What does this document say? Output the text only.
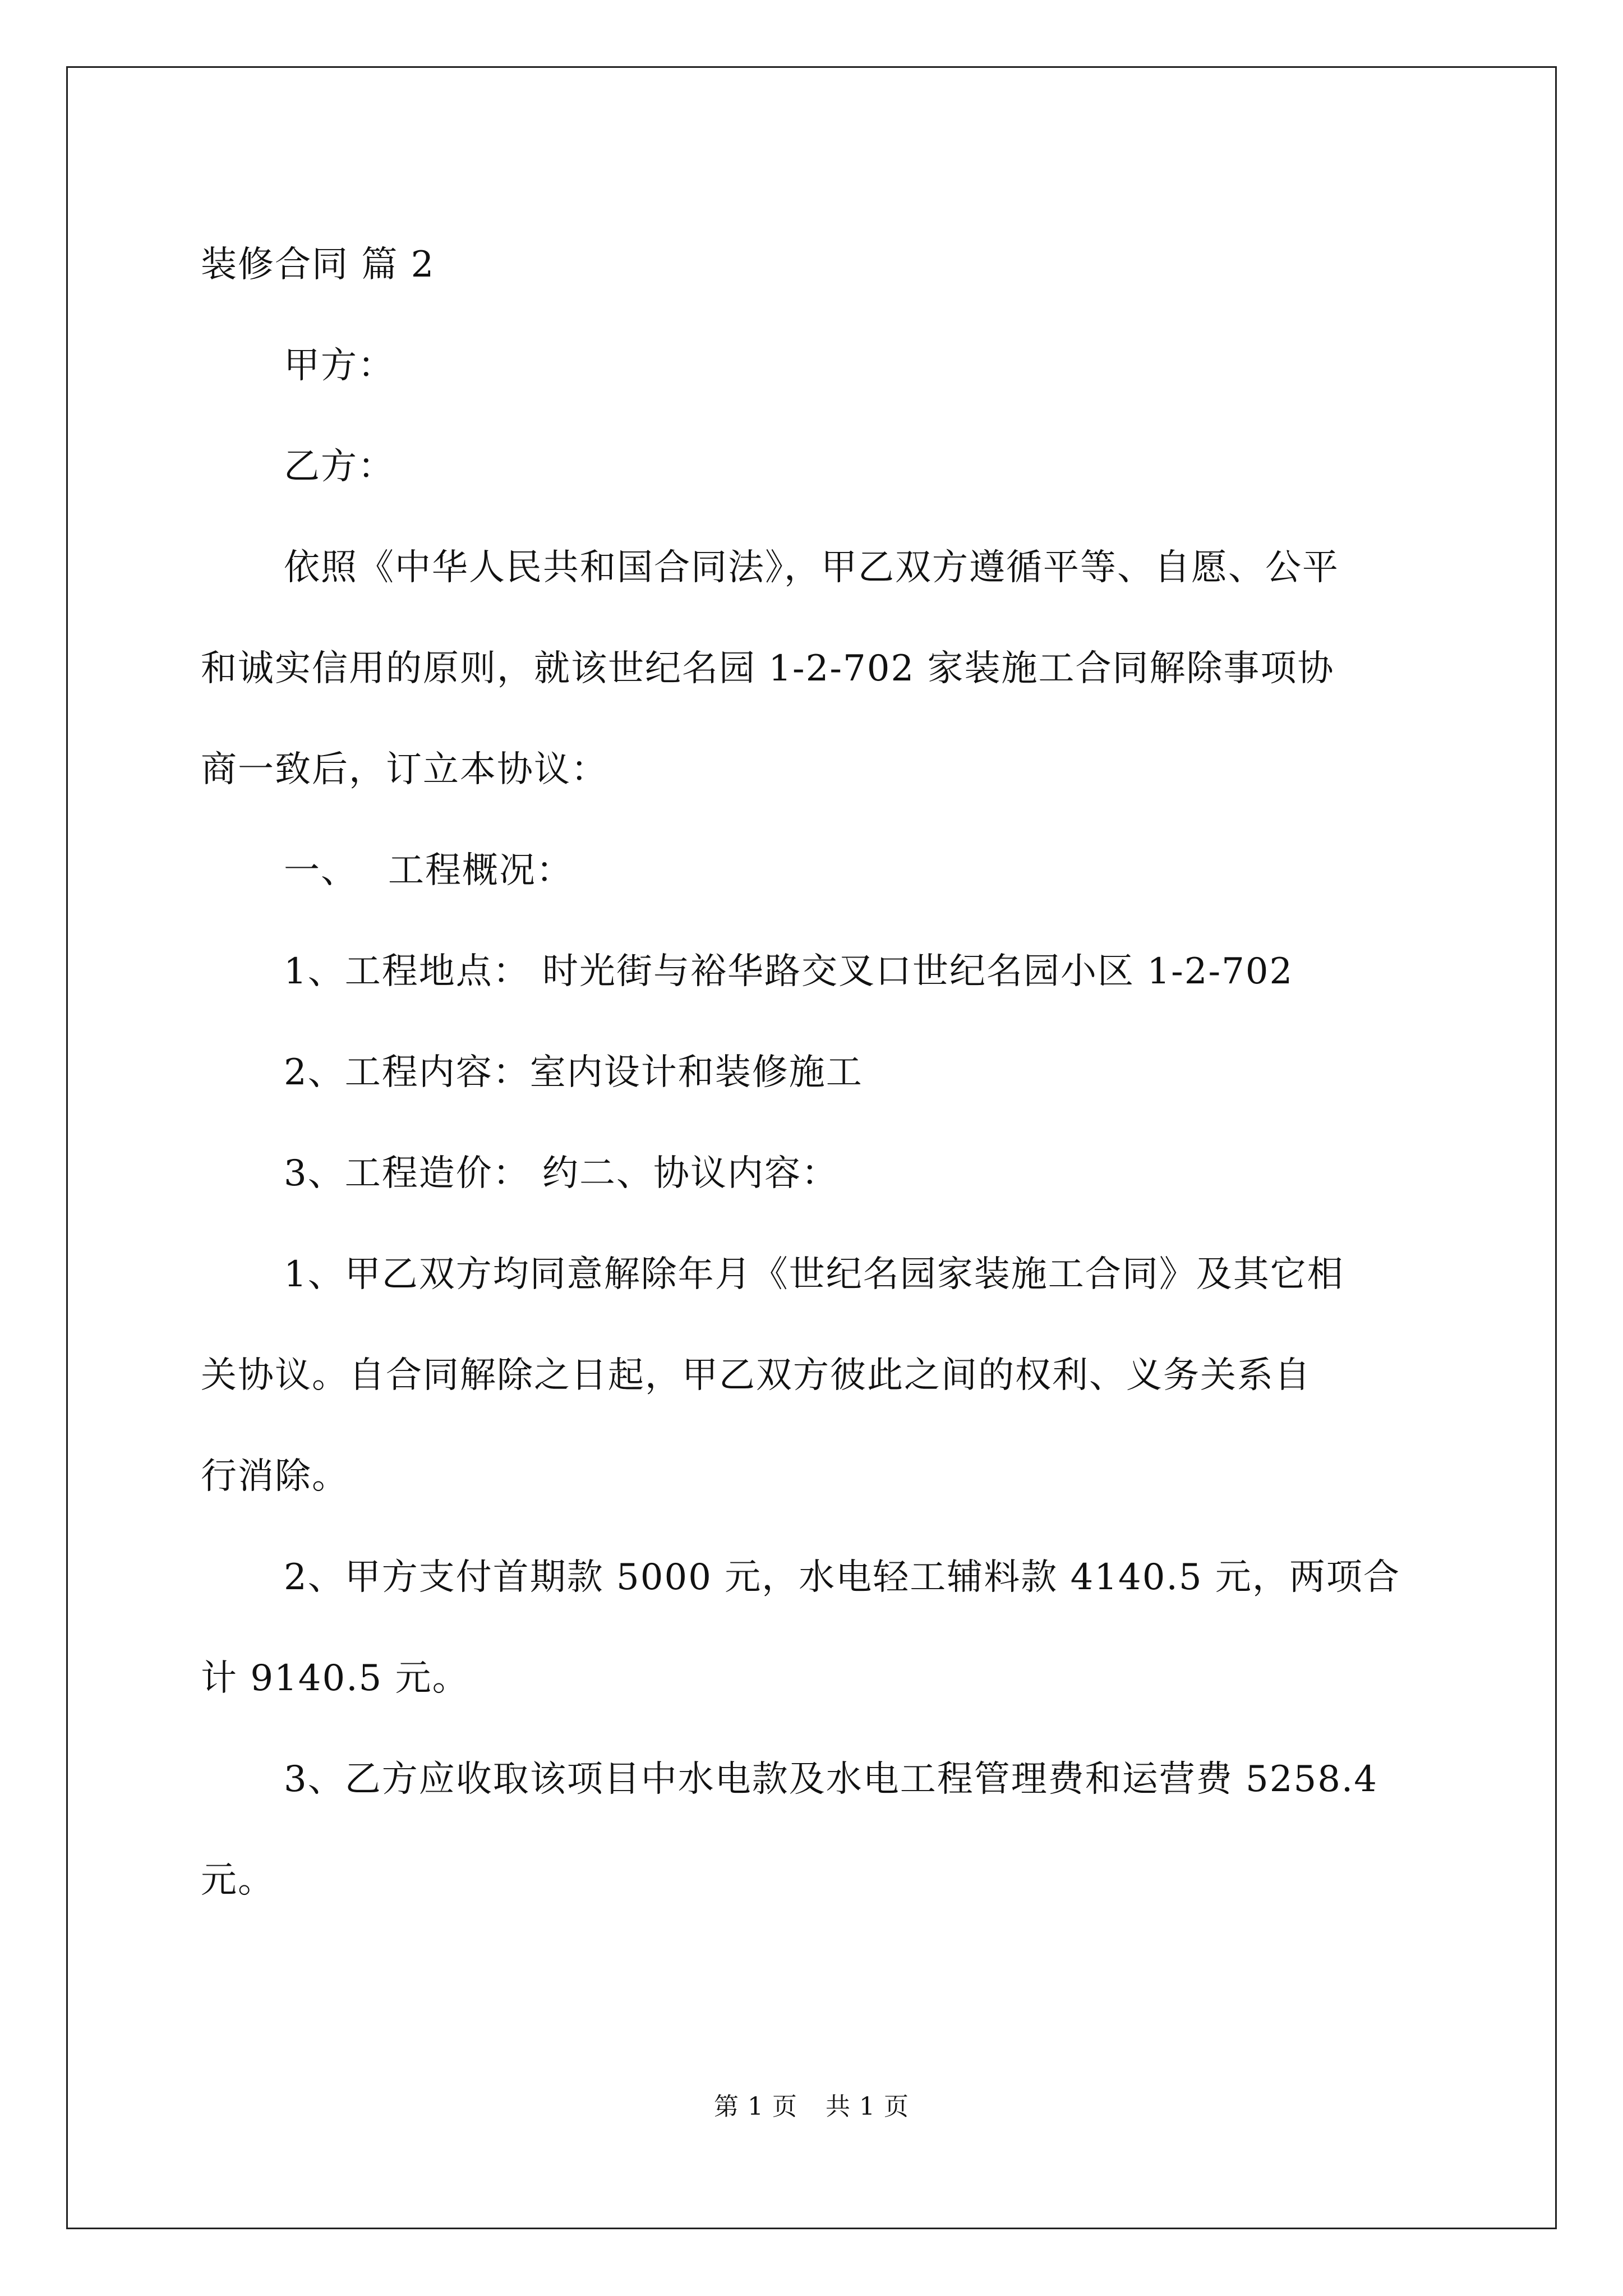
装修合同 篇 2
甲方：
乙方：
依照《中华人民共和国合同法》，甲乙双方遵循平等、自愿、公平
和诚实信用的原则，就该世纪名园 1-2-702 家装施工合同解除事项协
商一致后，订立本协议：
一、 工程概况：
1、工程地点： 时光街与裕华路交叉口世纪名园小区 1-2-702
2、工程内容：室内设计和装修施工
3、工程造价： 约二、协议内容：
1、甲乙双方均同意解除年月《世纪名园家装施工合同》及其它相
关协议。自合同解除之日起，甲乙双方彼此之间的权利、义务关系自
行消除。
2、甲方支付首期款 5000 元，水电轻工辅料款 4140.5 元，两项合
计 9140.5 元。
3、乙方应收取该项目中水电款及水电工程管理费和运营费 5258.4
元。
第 1 页 共 1 页
